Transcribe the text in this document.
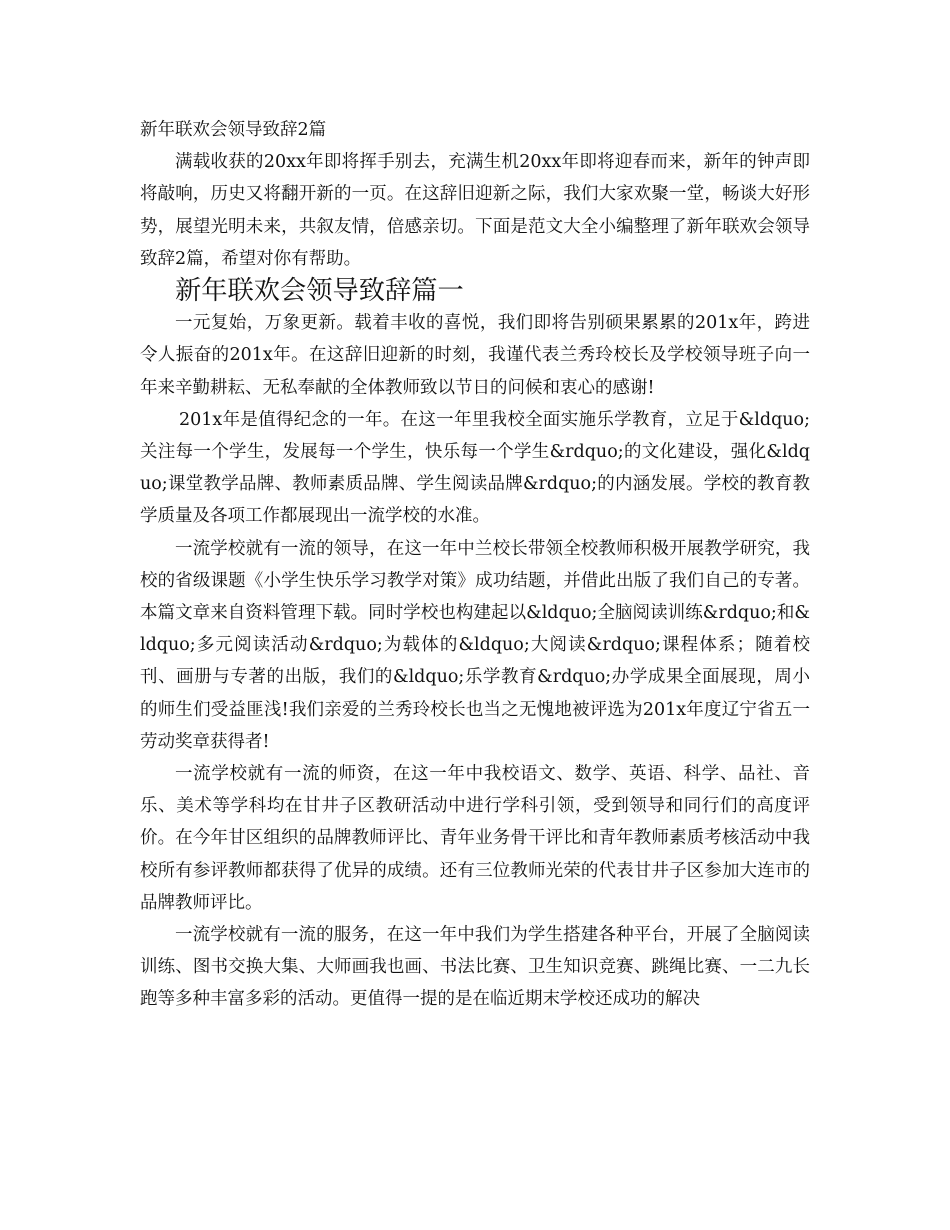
新年联欢会领导致辞2篇

满载收获的20xx年即将挥手别去，充满生机20xx年即将迎春而来，新年的钟声即将敲响，历史又将翻开新的一页。在这辞旧迎新之际，我们大家欢聚一堂，畅谈大好形势，展望光明未来，共叙友情，倍感亲切。下面是范文大全小编整理了新年联欢会领导致辞2篇，希望对你有帮助。

新年联欢会领导致辞篇一

一元复始，万象更新。载着丰收的喜悦，我们即将告别硕果累累的201x年，跨进令人振奋的201x年。在这辞旧迎新的时刻，我谨代表兰秀玲校长及学校领导班子向一年来辛勤耕耘、无私奉献的全体教师致以节日的问候和衷心的感谢!

201x年是值得纪念的一年。在这一年里我校全面实施乐学教育，立足于&ldquo;关注每一个学生，发展每一个学生，快乐每一个学生&rdquo;的文化建设，强化&ldquo;课堂教学品牌、教师素质品牌、学生阅读品牌&rdquo;的内涵发展。学校的教育教学质量及各项工作都展现出一流学校的水准。

一流学校就有一流的领导，在这一年中兰校长带领全校教师积极开展教学研究，我校的省级课题《小学生快乐学习教学对策》成功结题，并借此出版了我们自己的专著。本篇文章来自资料管理下载。同时学校也构建起以&ldquo;全脑阅读训练&rdquo;和&ldquo;多元阅读活动&rdquo;为载体的&ldquo;大阅读&rdquo;课程体系；随着校刊、画册与专著的出版，我们的&ldquo;乐学教育&rdquo;办学成果全面展现，周小的师生们受益匪浅!我们亲爱的兰秀玲校长也当之无愧地被评选为201x年度辽宁省五一劳动奖章获得者!

一流学校就有一流的师资，在这一年中我校语文、数学、英语、科学、品社、音乐、美术等学科均在甘井子区教研活动中进行学科引领，受到领导和同行们的高度评价。在今年甘区组织的品牌教师评比、青年业务骨干评比和青年教师素质考核活动中我校所有参评教师都获得了优异的成绩。还有三位教师光荣的代表甘井子区参加大连市的品牌教师评比。

一流学校就有一流的服务，在这一年中我们为学生搭建各种平台，开展了全脑阅读训练、图书交换大集、大师画我也画、书法比赛、卫生知识竞赛、跳绳比赛、一二九长跑等多种丰富多彩的活动。更值得一提的是在临近期末学校还成功的解决
